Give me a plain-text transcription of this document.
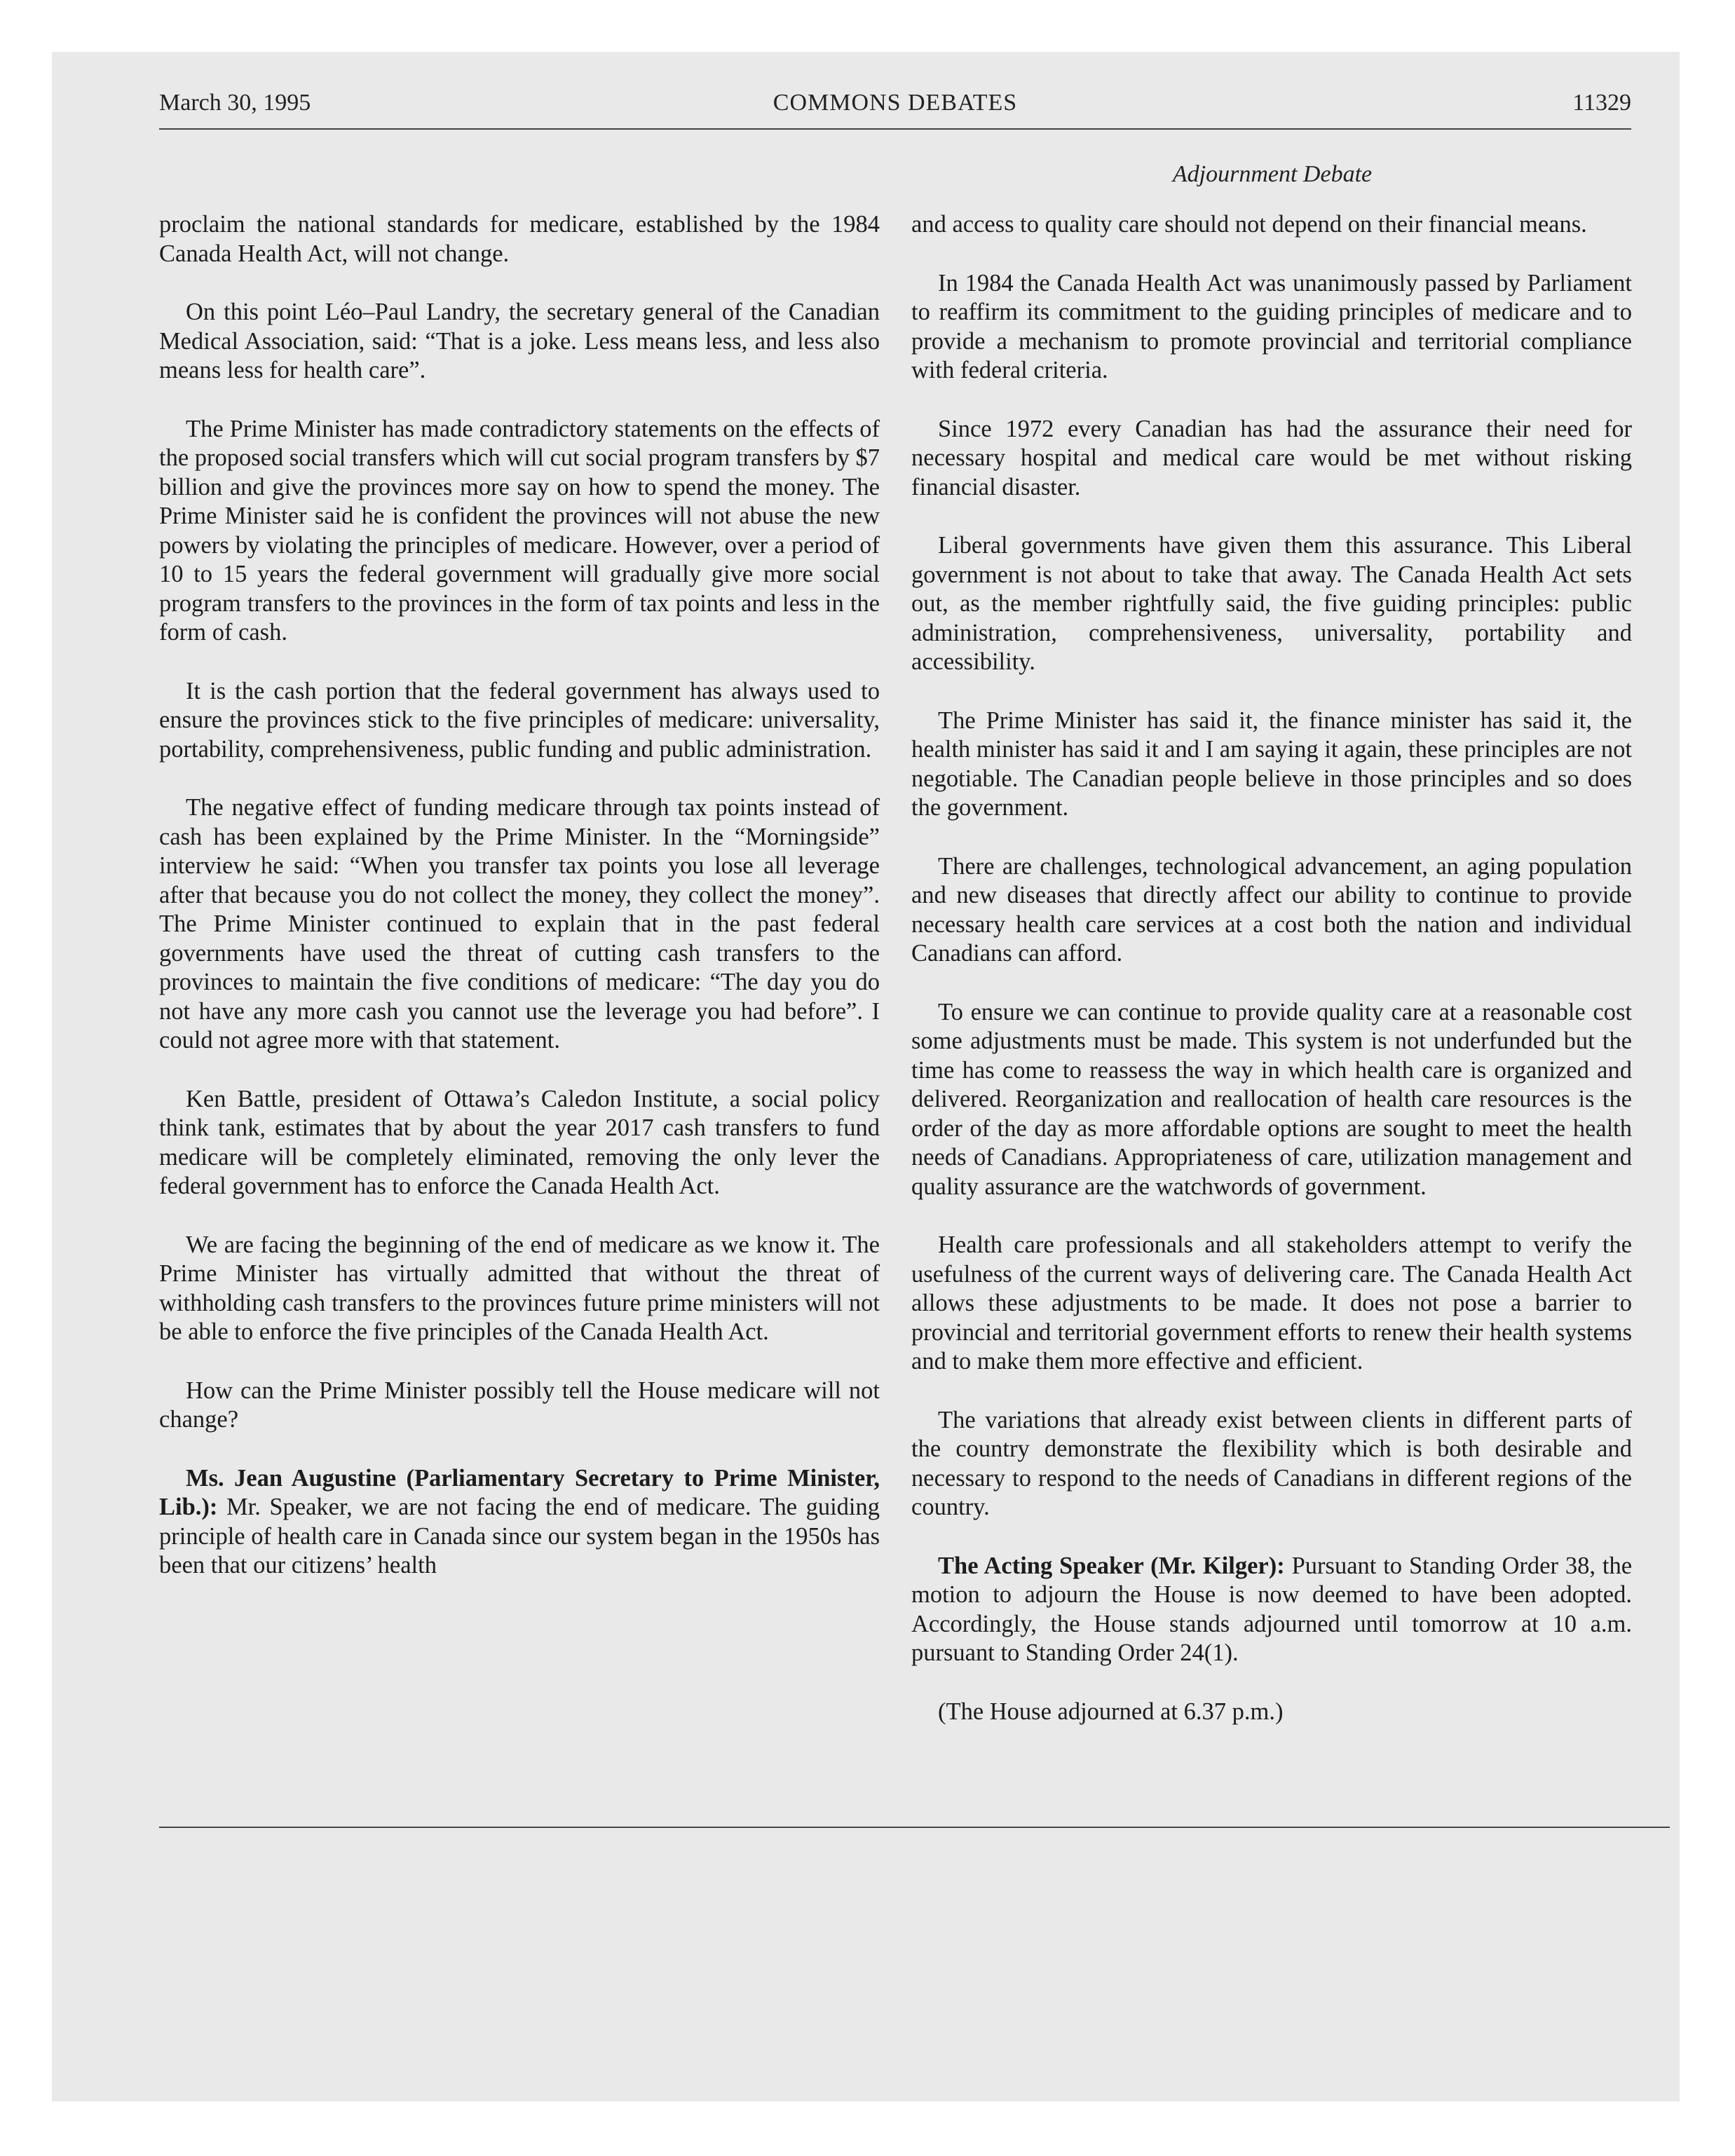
March 30, 1995	COMMONS DEBATES	11329
Adjournment Debate

proclaim the national standards for medicare, established by the 1984 Canada Health Act, will not change.

On this point Léo–Paul Landry, the secretary general of the Canadian Medical Association, said: “That is a joke. Less means less, and less also means less for health care”.

The Prime Minister has made contradictory statements on the effects of the proposed social transfers which will cut social program transfers by $7 billion and give the provinces more say on how to spend the money. The Prime Minister said he is confident the provinces will not abuse the new powers by violating the principles of medicare. However, over a period of 10 to 15 years the federal government will gradually give more social program transfers to the provinces in the form of tax points and less in the form of cash.

It is the cash portion that the federal government has always used to ensure the provinces stick to the five principles of medicare: universality, portability, comprehensiveness, public funding and public administration.

The negative effect of funding medicare through tax points instead of cash has been explained by the Prime Minister. In the “Morningside” interview he said: “When you transfer tax points you lose all leverage after that because you do not collect the money, they collect the money”. The Prime Minister continued to explain that in the past federal governments have used the threat of cutting cash transfers to the provinces to maintain the five conditions of medicare: “The day you do not have any more cash you cannot use the leverage you had before”. I could not agree more with that statement.

Ken Battle, president of Ottawa’s Caledon Institute, a social policy think tank, estimates that by about the year 2017 cash transfers to fund medicare will be completely eliminated, removing the only lever the federal government has to enforce the Canada Health Act.

We are facing the beginning of the end of medicare as we know it. The Prime Minister has virtually admitted that without the threat of withholding cash transfers to the provinces future prime ministers will not be able to enforce the five principles of the Canada Health Act.

How can the Prime Minister possibly tell the House medicare will not change?

Ms. Jean Augustine (Parliamentary Secretary to Prime Minister, Lib.): Mr. Speaker, we are not facing the end of medicare. The guiding principle of health care in Canada since our system began in the 1950s has been that our citizens’ health

and access to quality care should not depend on their financial means.

In 1984 the Canada Health Act was unanimously passed by Parliament to reaffirm its commitment to the guiding principles of medicare and to provide a mechanism to promote provincial and territorial compliance with federal criteria.

Since 1972 every Canadian has had the assurance their need for necessary hospital and medical care would be met without risking financial disaster.

Liberal governments have given them this assurance. This Liberal government is not about to take that away. The Canada Health Act sets out, as the member rightfully said, the five guiding principles: public administration, comprehensiveness, universality, portability and accessibility.

The Prime Minister has said it, the finance minister has said it, the health minister has said it and I am saying it again, these principles are not negotiable. The Canadian people believe in those principles and so does the government.

There are challenges, technological advancement, an aging population and new diseases that directly affect our ability to continue to provide necessary health care services at a cost both the nation and individual Canadians can afford.

To ensure we can continue to provide quality care at a reasonable cost some adjustments must be made. This system is not underfunded but the time has come to reassess the way in which health care is organized and delivered. Reorganization and reallocation of health care resources is the order of the day as more affordable options are sought to meet the health needs of Canadians. Appropriateness of care, utilization management and quality assurance are the watchwords of government.

Health care professionals and all stakeholders attempt to verify the usefulness of the current ways of delivering care. The Canada Health Act allows these adjustments to be made. It does not pose a barrier to provincial and territorial government efforts to renew their health systems and to make them more effective and efficient.

The variations that already exist between clients in different parts of the country demonstrate the flexibility which is both desirable and necessary to respond to the needs of Canadians in different regions of the country.

The Acting Speaker (Mr. Kilger): Pursuant to Standing Order 38, the motion to adjourn the House is now deemed to have been adopted. Accordingly, the House stands adjourned until tomorrow at 10 a.m. pursuant to Standing Order 24(1).

(The House adjourned at 6.37 p.m.)
